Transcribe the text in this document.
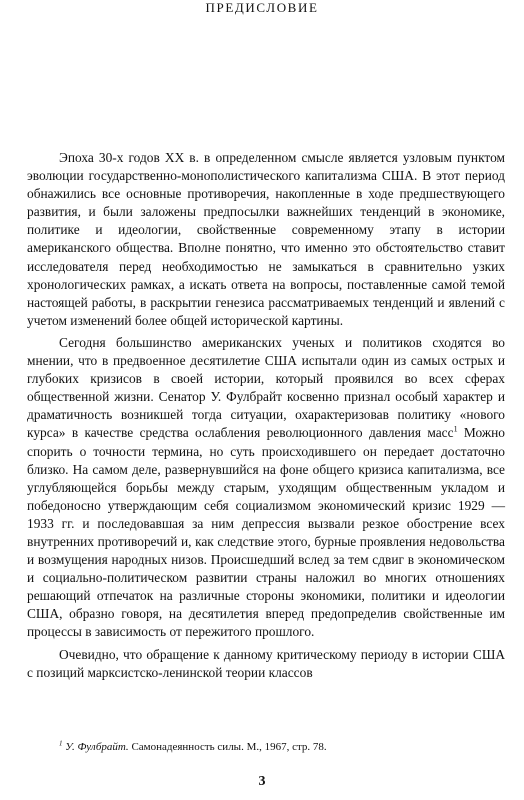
ПРЕДИСЛОВИЕ

Эпоха 30-х годов XX в. в определенном смысле является узловым пунктом эволюции государственно-монополистического капитализма США. В этот период обнажились все основные противоречия, накопленные в ходе предшествующего развития, и были заложены предпосылки важнейших тенденций в экономике, политике и идеологии, свойственные современному этапу в истории американского общества. Вполне понятно, что именно это обстоятельство ставит исследователя перед необходимостью не замыкаться в сравнительно узких хронологических рамках, а искать ответа на вопросы, поставленные самой темой настоящей работы, в раскрытии генезиса рассматриваемых тенденций и явлений с учетом изменений более общей исторической картины.

Сегодня большинство американских ученых и политиков сходятся во мнении, что в предвоенное десятилетие США испытали один из самых острых и глубоких кризисов в своей истории, который проявился во всех сферах общественной жизни. Сенатор У. Фулбрайт косвенно признал особый характер и драматичность возникшей тогда ситуации, охарактеризовав политику «нового курса» в качестве средства ослабления революционного давления масс$^1$ Можно спорить о точности термина, но суть происходившего он передает достаточно близко. На самом деле, развернувшийся на фоне общего кризиса капитализма, все углубляющейся борьбы между старым, уходящим общественным укладом и победоносно утверждающим себя социализмом экономический кризис 1929 — 1933 гг. и последовавшая за ним депрессия вызвали резкое обострение всех внутренних противоречий и, как следствие этого, бурные проявления недовольства и возмущения народных низов. Происшедший вслед за тем сдвиг в экономическом и социально-политическом развитии страны наложил во многих отношениях решающий отпечаток на различные стороны экономики, политики и идеологии США, образно говоря, на десятилетия вперед предопределив свойственные им процессы в зависимость от пережитого прошлого.

Очевидно, что обращение к данному критическому периоду в истории США с позиций марксистско-ленинской теории классов

$^1$ У. Фулбрайт. Самонадеянность силы. М., 1967, стр. 78.
3
